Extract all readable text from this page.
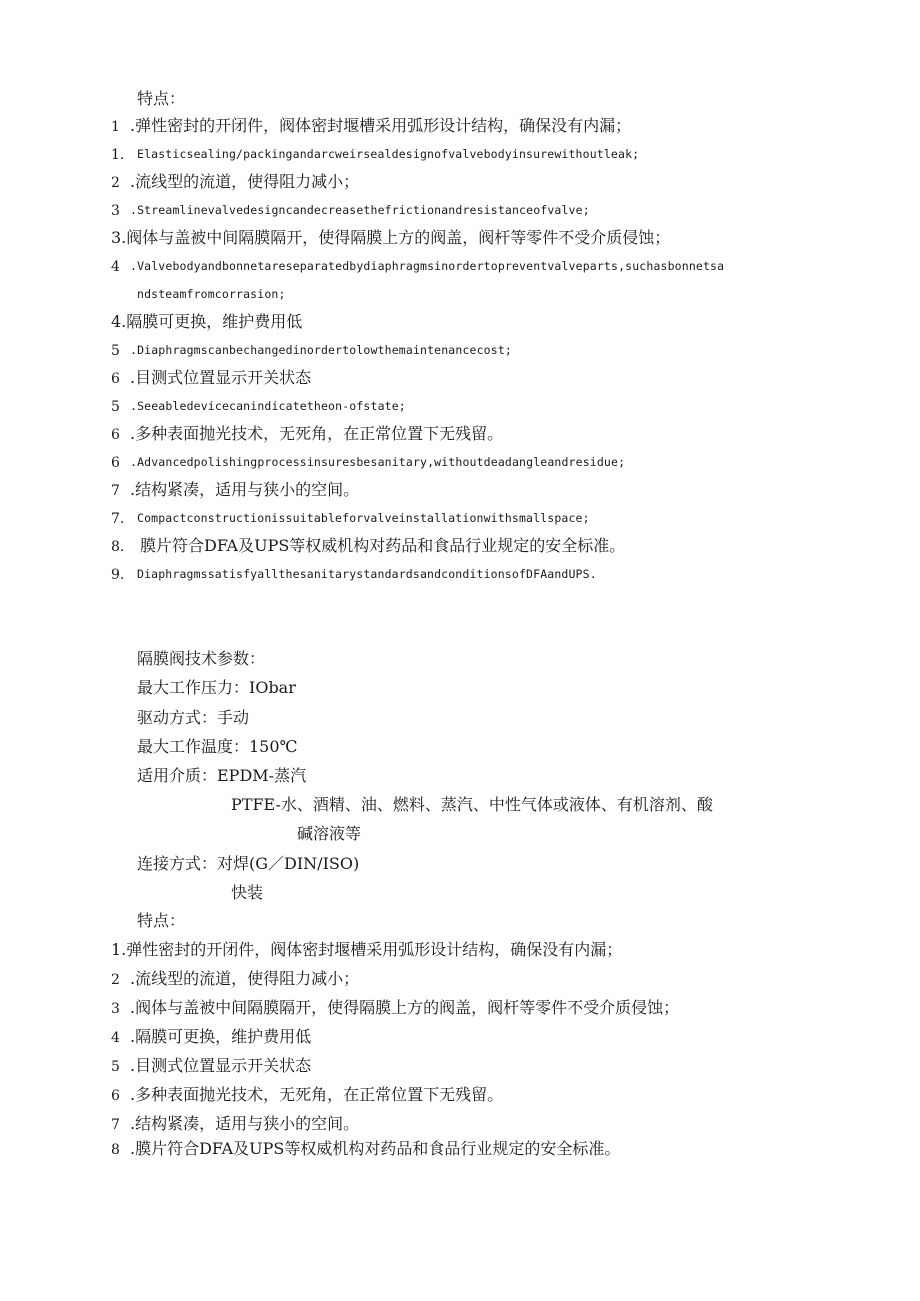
特点：
1 .弹性密封的开闭件，阀体密封堰槽采用弧形设计结构，确保没有内漏；
1. Elasticsealing/packingandarcweirsealdesignofvalvebodyinsurewithoutleak;
2 .流线型的流道，使得阻力减小；
3 .Streamlinevalvedesigncandecreasethefrictionandresistanceofvalve;
3.阀体与盖被中间隔膜隔开，使得隔膜上方的阀盖，阀杆等零件不受介质侵蚀；
4 .Valvebodyandbonnetareseparatedbydiaphragmsinordertopreventvalveparts,suchasbonnetsa
ndsteamfromcorrasion;
4.隔膜可更换，维护费用低
5 .Diaphragmscanbechangedinordertolowthemaintenancecost;
6 .目测式位置显示开关状态
5 .Seeabledevicecanindicatetheon-ofstate;
6 .多种表面抛光技术，无死角，在正常位置下无残留。
6 .Advancedpolishingprocessinsuresbesanitary,withoutdeadangleandresidue;
7 .结构紧凑，适用与狭小的空间。
7. Compactconstructionissuitableforvalveinstallationwithsmallspace;
8. 膜片符合DFA及UPS等权威机构对药品和食品行业规定的安全标准。
9. DiaphragmssatisfyallthesanitarystandardsandconditionsofDFAandUPS.
隔膜阀技术参数：
最大工作压力：IObar
驱动方式：手动
最大工作温度：150℃
适用介质：EPDM-蒸汽
PTFE-水、酒精、油、燃料、蒸汽、中性气体或液体、有机溶剂、酸
碱溶液等
连接方式：对焊(G／DIN/ISO)
快装
特点：
1.弹性密封的开闭件，阀体密封堰槽采用弧形设计结构，确保没有内漏；
2 .流线型的流道，使得阻力减小；
3 .阀体与盖被中间隔膜隔开，使得隔膜上方的阀盖，阀杆等零件不受介质侵蚀；
4 .隔膜可更换，维护费用低
5 .目测式位置显示开关状态
6 .多种表面抛光技术，无死角，在正常位置下无残留。
7 .结构紧凑，适用与狭小的空间。
8 .膜片符合DFA及UPS等权威机构对药品和食品行业规定的安全标准。
